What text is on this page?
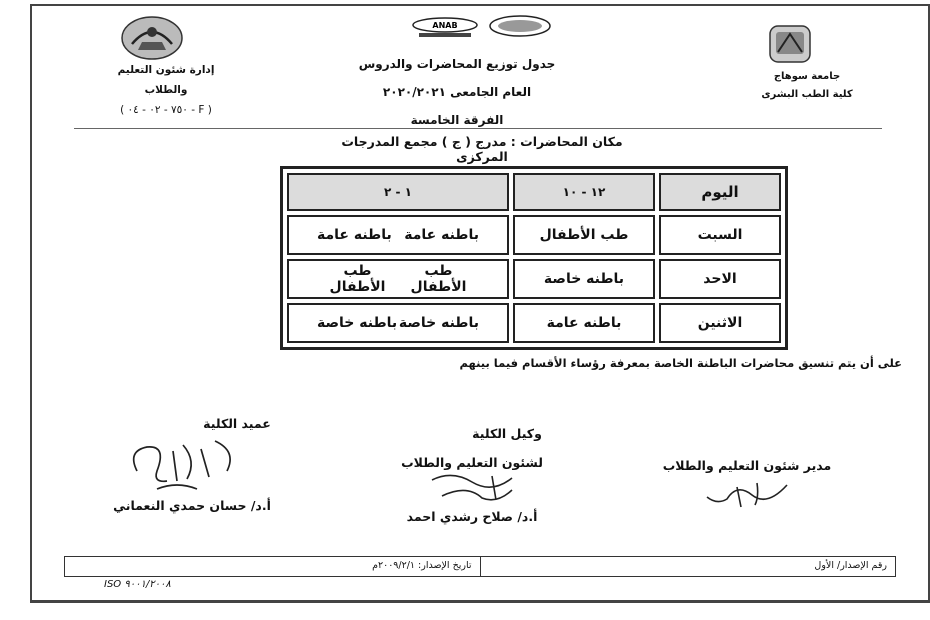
ANAB
إدارة شئون التعليم والطلاب
( F - ٧٥٠ - ٠٢ - ٠٤ )
جامعة سوهاج
كلية الطب البشرى
جدول توزيع المحاضرات والدروس
العام الجامعى ٢٠٢٠/٢٠٢١
الفرقة الخامسة
مكان المحاضرات : مدرج ( ج ) مجمع المدرجات المركزى
اليوم	١٢ - ١٠	١ - ٢
السبت	طب الأطفال	باطنه عامة
باطنه عامة

الاحد	باطنه خاصة	طب الأطفال
طب الأطفال

الاثنين	باطنه عامة	باطنه خاصة
باطنه خاصة
على أن يتم تنسيق محاضرات الباطنة الخاصة بمعرفة رؤساء الأقسام فيما بينهم
مدير شئون التعليم والطلاب
وكيل الكلية
لشئون التعليم والطلاب
أ.د/ صلاح رشدي احمد
عميد الكلية
أ.د/ حسان حمدي النعماني
رقم الإصدار/ الأول
تاريخ الإصدار: ٢٠٠٩/٢/١م
ISO ٩٠٠١/٢٠٠٨
